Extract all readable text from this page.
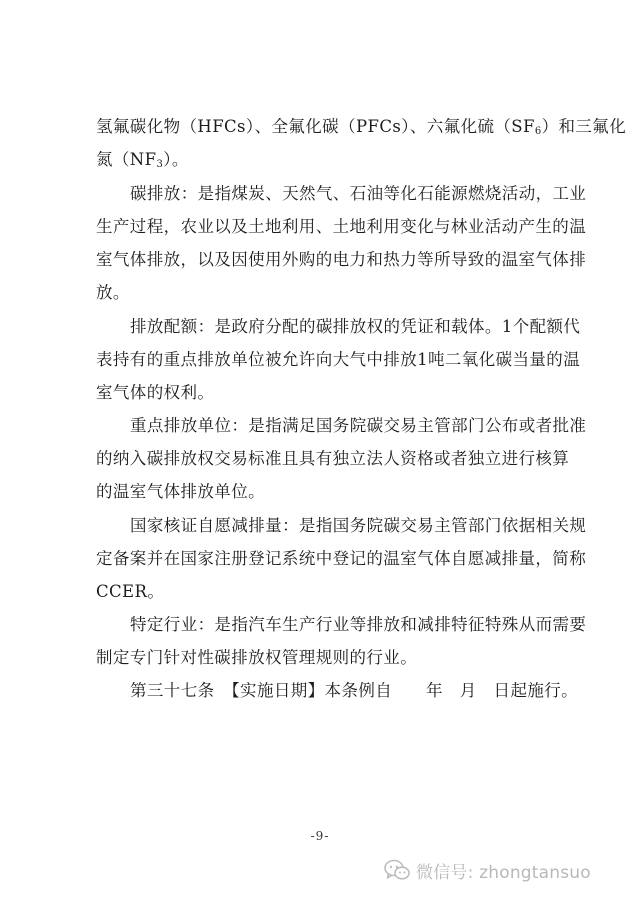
氢氟碳化物（HFCs）、全氟化碳（PFCs）、六氟化硫$(SF_6)$和三氟化
氮$(NF_3)$。
碳排放：是指煤炭、天然气、石油等化石能源燃烧活动，工业
生产过程，农业以及土地利用、土地利用变化与林业活动产生的温
室气体排放，以及因使用外购的电力和热力等所导致的温室气体排
放。
排放配额：是政府分配的碳排放权的凭证和载体。1个配额代
表持有的重点排放单位被允许向大气中排放1吨二氧化碳当量的温
室气体的权利。
重点排放单位：是指满足国务院碳交易主管部门公布或者批准
的纳入碳排放权交易标准且具有独立法人资格或者独立进行核算
的温室气体排放单位。
国家核证自愿减排量：是指国务院碳交易主管部门依据相关规
定备案并在国家注册登记系统中登记的温室气体自愿减排量，简称
CCER。
特定行业：是指汽车生产行业等排放和减排特征特殊从而需要
制定专门针对性碳排放权管理规则的行业。
第三十七条　【实施日期】本条例自　　年　月　日起施行。
-9-
微信号: zhongtansuo
